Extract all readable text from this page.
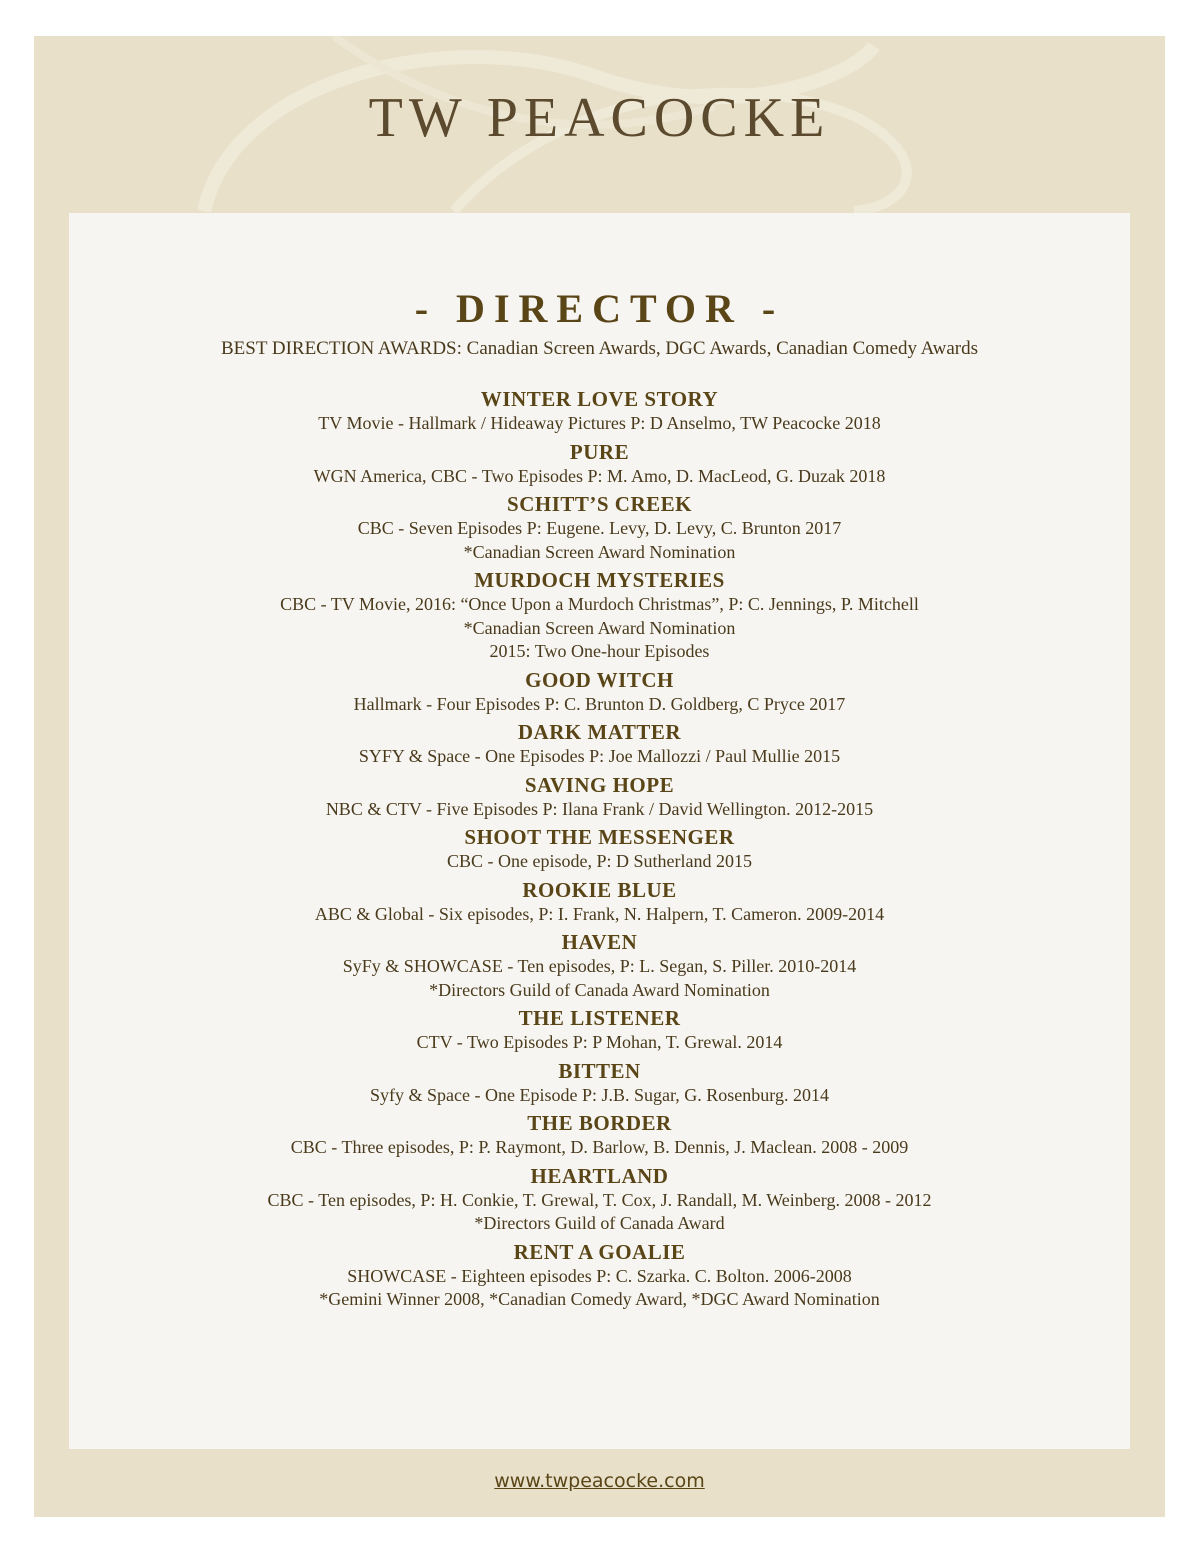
TW PEACOCKE
- DIRECTOR -
BEST DIRECTION AWARDS: Canadian Screen Awards, DGC Awards, Canadian Comedy Awards
WINTER LOVE STORY
TV Movie - Hallmark / Hideaway Pictures P: D Anselmo, TW Peacocke 2018
PURE
WGN America, CBC - Two Episodes P: M. Amo, D. MacLeod, G. Duzak 2018
SCHITT’S CREEK
CBC - Seven Episodes P: Eugene. Levy, D. Levy, C. Brunton 2017
*Canadian Screen Award Nomination
MURDOCH MYSTERIES
CBC - TV Movie, 2016: “Once Upon a Murdoch Christmas”, P: C. Jennings, P. Mitchell
*Canadian Screen Award Nomination
2015: Two One-hour Episodes
GOOD WITCH
Hallmark - Four Episodes P: C. Brunton D. Goldberg, C Pryce 2017
DARK MATTER
SYFY & Space - One Episodes P: Joe Mallozzi / Paul Mullie 2015
SAVING HOPE
NBC & CTV - Five Episodes P: Ilana Frank / David Wellington. 2012-2015
SHOOT THE MESSENGER
CBC - One episode, P: D Sutherland 2015
ROOKIE BLUE
ABC & Global - Six episodes, P: I. Frank, N. Halpern, T. Cameron. 2009-2014
HAVEN
SyFy & SHOWCASE - Ten episodes, P: L. Segan, S. Piller. 2010-2014
*Directors Guild of Canada Award Nomination
THE LISTENER
CTV - Two Episodes P: P Mohan, T. Grewal. 2014
BITTEN
Syfy & Space - One Episode P: J.B. Sugar, G. Rosenburg. 2014
THE BORDER
CBC - Three episodes, P: P. Raymont, D. Barlow, B. Dennis, J. Maclean. 2008 - 2009
HEARTLAND
CBC - Ten episodes, P: H. Conkie, T. Grewal, T. Cox, J. Randall, M. Weinberg. 2008 - 2012
*Directors Guild of Canada Award
RENT A GOALIE
SHOWCASE - Eighteen episodes P: C. Szarka. C. Bolton. 2006-2008
*Gemini Winner 2008, *Canadian Comedy Award, *DGC Award Nomination
www.twpeacocke.com
